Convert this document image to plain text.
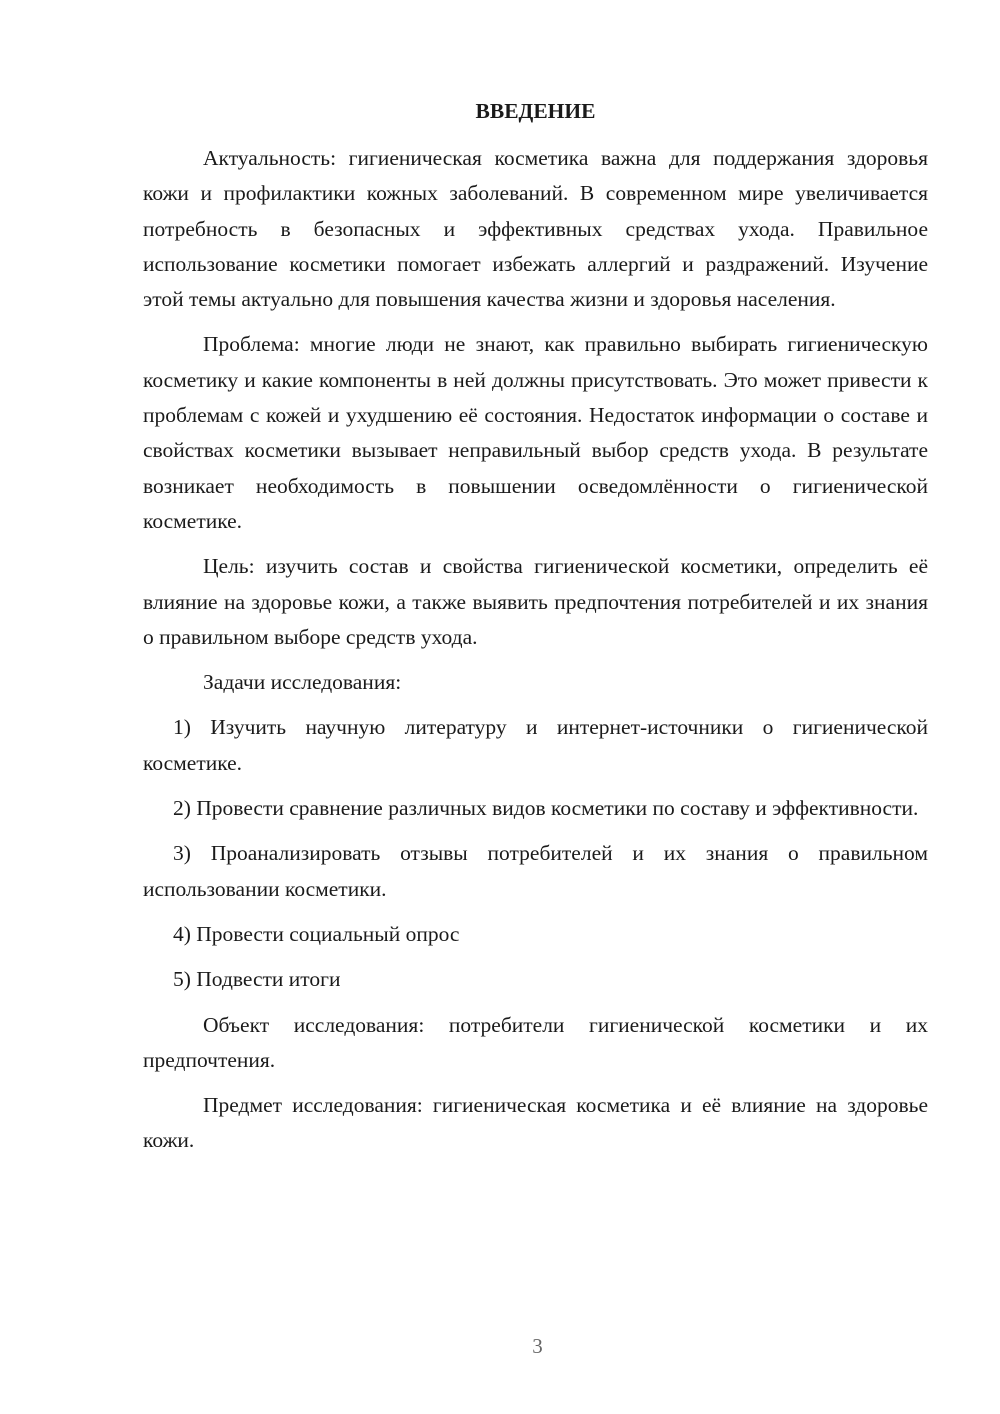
ВВЕДЕНИЕ

Актуальность: гигиеническая косметика важна для поддержания здоровья кожи и профилактики кожных заболеваний. В современном мире увеличивается потребность в безопасных и эффективных средствах ухода. Правильное использование косметики помогает избежать аллергий и раздражений. Изучение этой темы актуально для повышения качества жизни и здоровья населения.

Проблема: многие люди не знают, как правильно выбирать гигиеническую косметику и какие компоненты в ней должны присутствовать. Это может привести к проблемам с кожей и ухудшению её состояния. Недостаток информации о составе и свойствах косметики вызывает неправильный выбор средств ухода. В результате возникает необходимость в повышении осведомлённости о гигиенической косметике.

Цель: изучить состав и свойства гигиенической косметики, определить её влияние на здоровье кожи, а также выявить предпочтения потребителей и их знания о правильном выборе средств ухода.

Задачи исследования:

1) Изучить научную литературу и интернет-источники о гигиенической косметике.

2) Провести сравнение различных видов косметики по составу и эффективности.

3) Проанализировать отзывы потребителей и их знания о правильном использовании косметики.

4) Провести социальный опрос

5) Подвести итоги

Объект исследования: потребители гигиенической косметики и их предпочтения.

Предмет исследования: гигиеническая косметика и её влияние на здоровье кожи.

3
